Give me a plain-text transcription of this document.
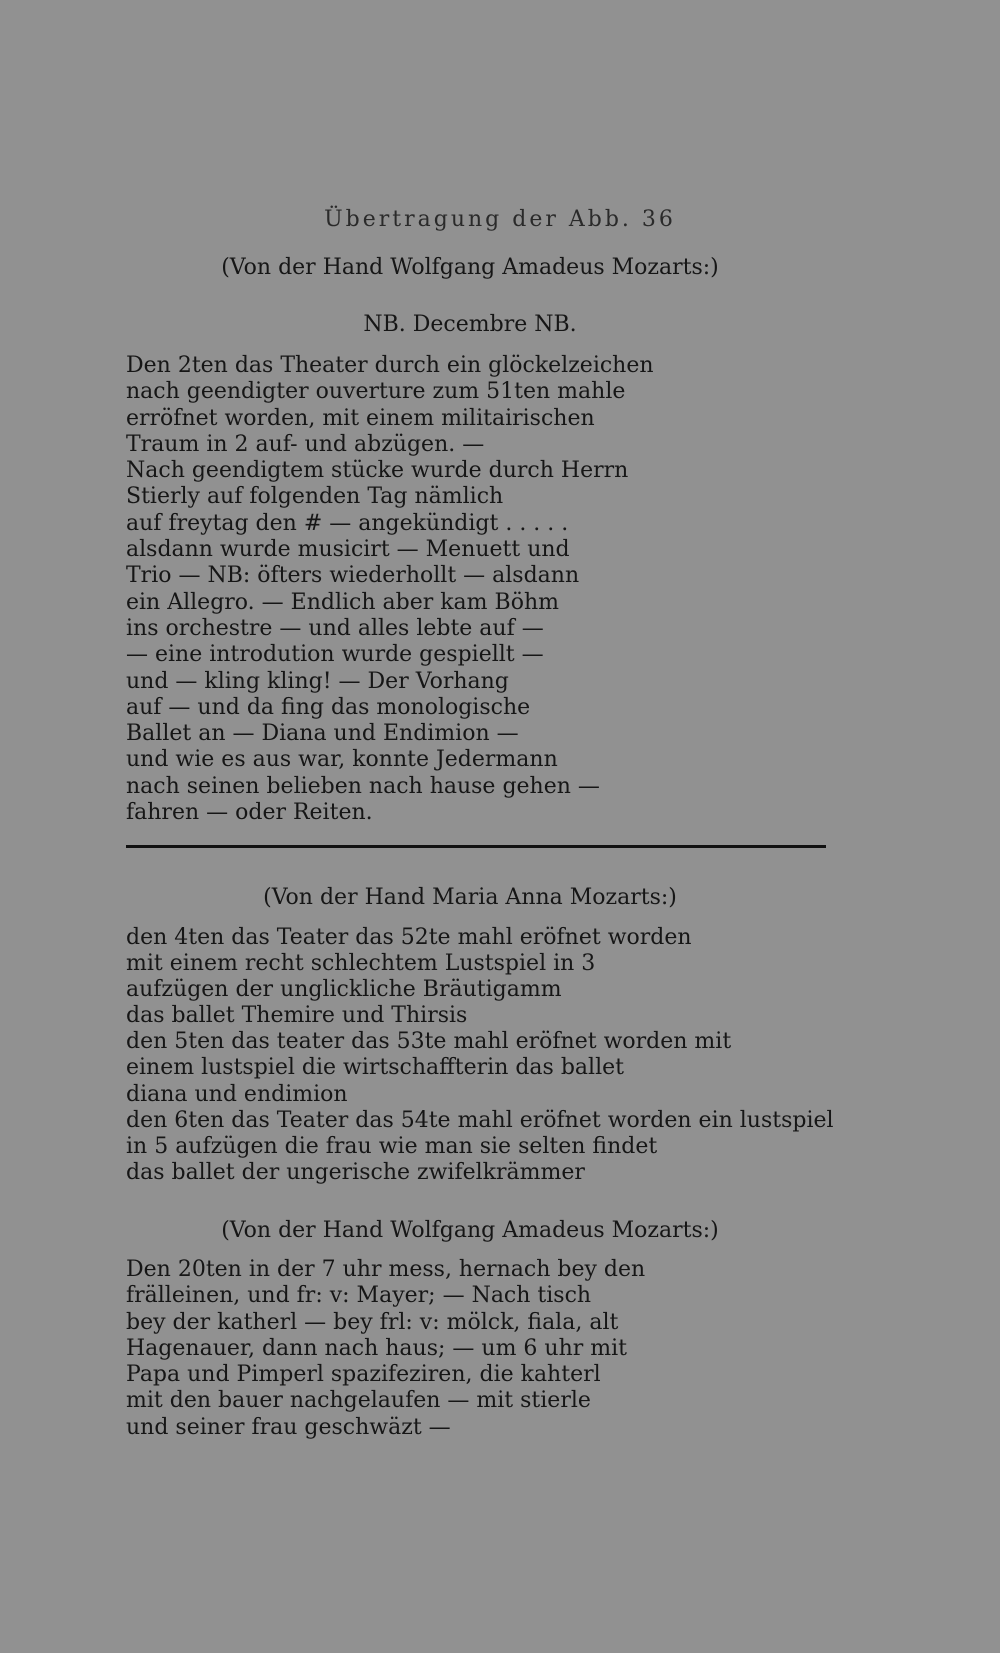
Übertragung der Abb. 36
(Von der Hand Wolfgang Amadeus Mozarts:)
NB. Decembre NB.
Den 2ten das Theater durch ein glöckelzeichen
nach geendigter ouverture zum 51ten mahle
erröfnet worden, mit einem militairischen
Traum in 2 auf- und abzügen. —
Nach geendigtem stücke wurde durch Herrn
Stierly auf folgenden Tag nämlich
auf freytag den # — angekündigt . . . . .
alsdann wurde musicirt — Menuett und
Trio — NB: öfters wiederhollt — alsdann
ein Allegro. — Endlich aber kam Böhm
ins orchestre — und alles lebte auf —
— eine introdution wurde gespiellt —
und — kling kling! — Der Vorhang
auf — und da fing das monologische
Ballet an — Diana und Endimion —
und wie es aus war, konnte Jedermann
nach seinen belieben nach hause gehen —
fahren — oder Reiten.
(Von der Hand Maria Anna Mozarts:)
den 4ten das Teater das 52te mahl eröfnet worden
mit einem recht schlechtem Lustspiel in 3
aufzügen der unglickliche Bräutigamm
das ballet Themire und Thirsis
den 5ten das teater das 53te mahl eröfnet worden mit
einem lustspiel die wirtschaffterin das ballet
diana und endimion
den 6ten das Teater das 54te mahl eröfnet worden ein lustspiel
in 5 aufzügen die frau wie man sie selten findet
das ballet der ungerische zwifelkrämmer
(Von der Hand Wolfgang Amadeus Mozarts:)
Den 20ten in der 7 uhr mess, hernach bey den
frälleinen, und fr: v: Mayer; — Nach tisch
bey der katherl — bey frl: v: mölck, fiala, alt
Hagenauer, dann nach haus; — um 6 uhr mit
Papa und Pimperl spazifeziren, die kahterl
mit den bauer nachgelaufen — mit stierle
und seiner frau geschwäzt —
